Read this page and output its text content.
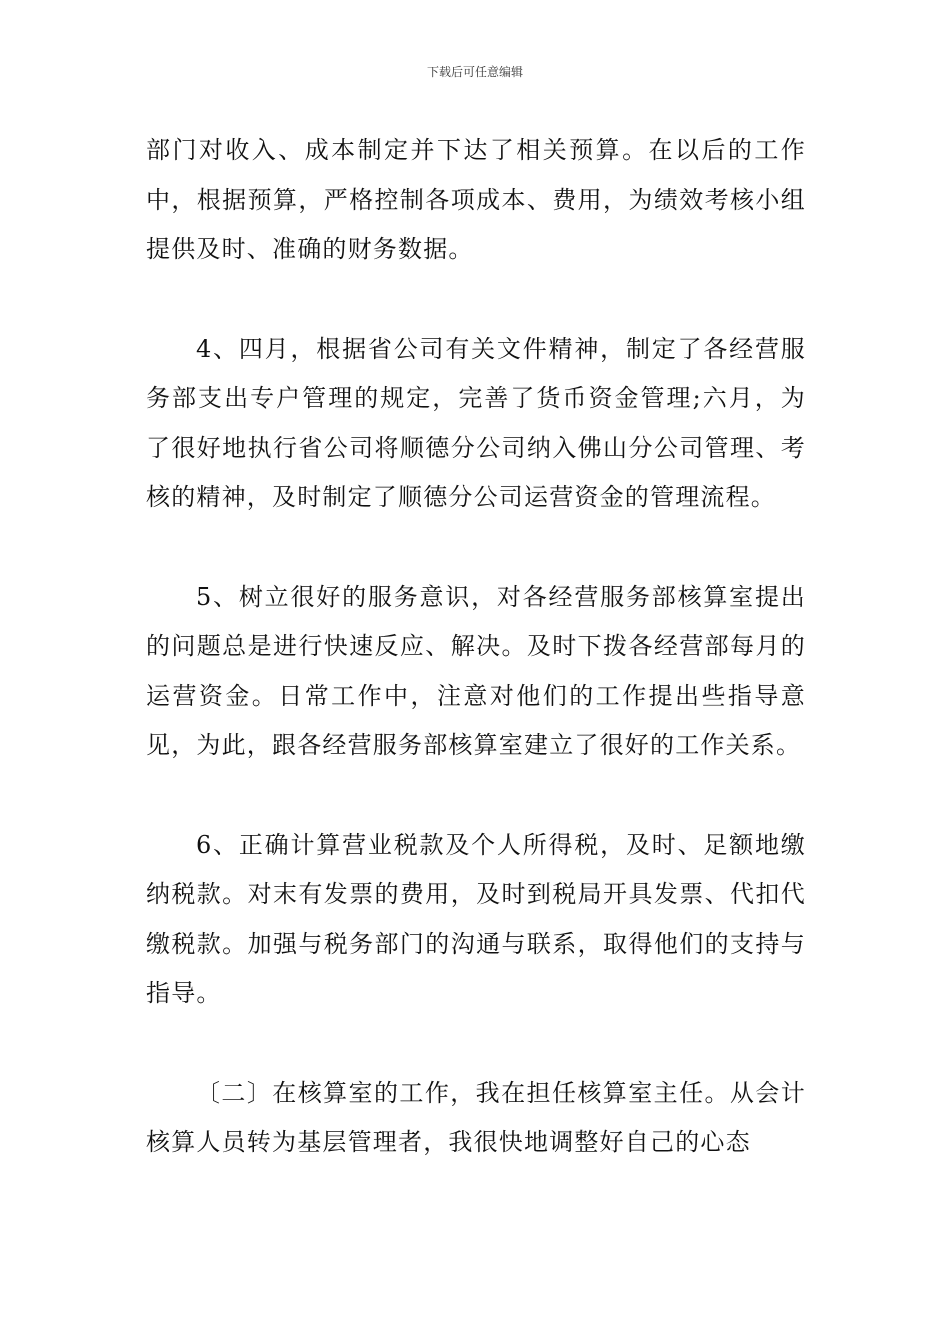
下载后可任意编辑

部门对收入、成本制定并下达了相关预算。在以后的工作中，根据预算，严格控制各项成本、费用，为绩效考核小组提供及时、准确的财务数据。

4、四月，根据省公司有关文件精神，制定了各经营服务部支出专户管理的规定，完善了货币资金管理;六月，为了很好地执行省公司将顺德分公司纳入佛山分公司管理、考核的精神，及时制定了顺德分公司运营资金的管理流程。

5、树立很好的服务意识，对各经营服务部核算室提出的问题总是进行快速反应、解决。及时下拨各经营部每月的运营资金。日常工作中，注意对他们的工作提出些指导意见，为此，跟各经营服务部核算室建立了很好的工作关系。

6、正确计算营业税款及个人所得税，及时、足额地缴纳税款。对末有发票的费用，及时到税局开具发票、代扣代缴税款。加强与税务部门的沟通与联系，取得他们的支持与指导。

〔二〕在核算室的工作，我在担任核算室主任。从会计核算人员转为基层管理者，我很快地调整好自己的心态
